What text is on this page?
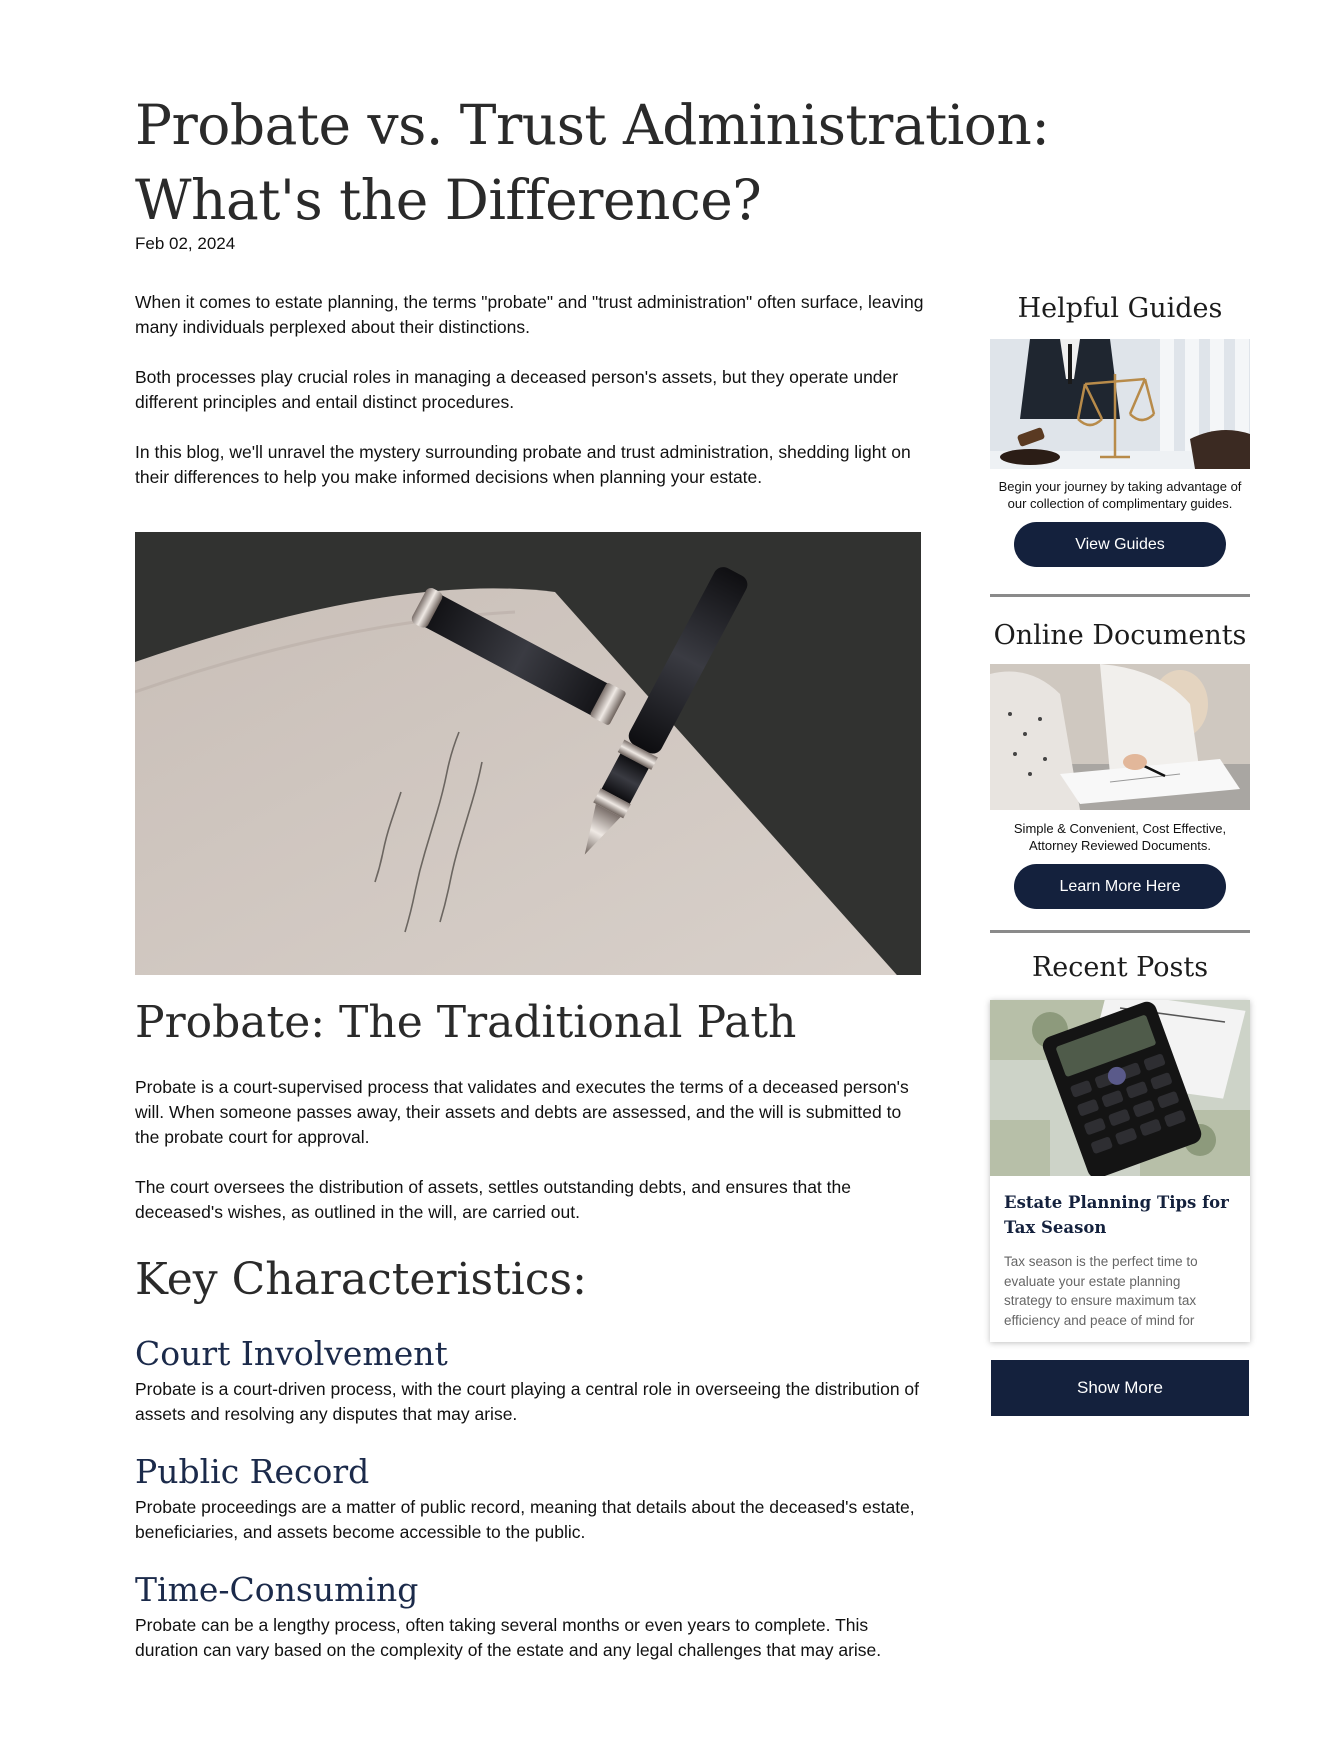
Probate vs. Trust Administration: What's the Difference?
Feb 02, 2024

When it comes to estate planning, the terms "probate" and "trust administration" often surface, leaving many individuals perplexed about their distinctions.

Both processes play crucial roles in managing a deceased person's assets, but they operate under different principles and entail distinct procedures.

In this blog, we'll unravel the mystery surrounding probate and trust administration, shedding light on their differences to help you make informed decisions when planning your estate.

Probate: The Traditional Path

Probate is a court-supervised process that validates and executes the terms of a deceased person's will. When someone passes away, their assets and debts are assessed, and the will is submitted to the probate court for approval.

The court oversees the distribution of assets, settles outstanding debts, and ensures that the deceased's wishes, as outlined in the will, are carried out.

Key Characteristics:
Court Involvement

Probate is a court-driven process, with the court playing a central role in overseeing the distribution of assets and resolving any disputes that may arise.

Public Record

Probate proceedings are a matter of public record, meaning that details about the deceased's estate, beneficiaries, and assets become accessible to the public.

Time-Consuming

Probate can be a lengthy process, often taking several months or even years to complete. This duration can vary based on the complexity of the estate and any legal challenges that may arise.

Helpful Guides

Begin your journey by taking advantage of our collection of complimentary guides.

View Guides
Online Documents

Simple & Convenient, Cost Effective, Attorney Reviewed Documents.

Learn More Here
Recent Posts
Estate Planning Tips for Tax Season

Tax season is the perfect time to evaluate your estate planning strategy to ensure maximum tax efficiency and peace of mind for

Show More
